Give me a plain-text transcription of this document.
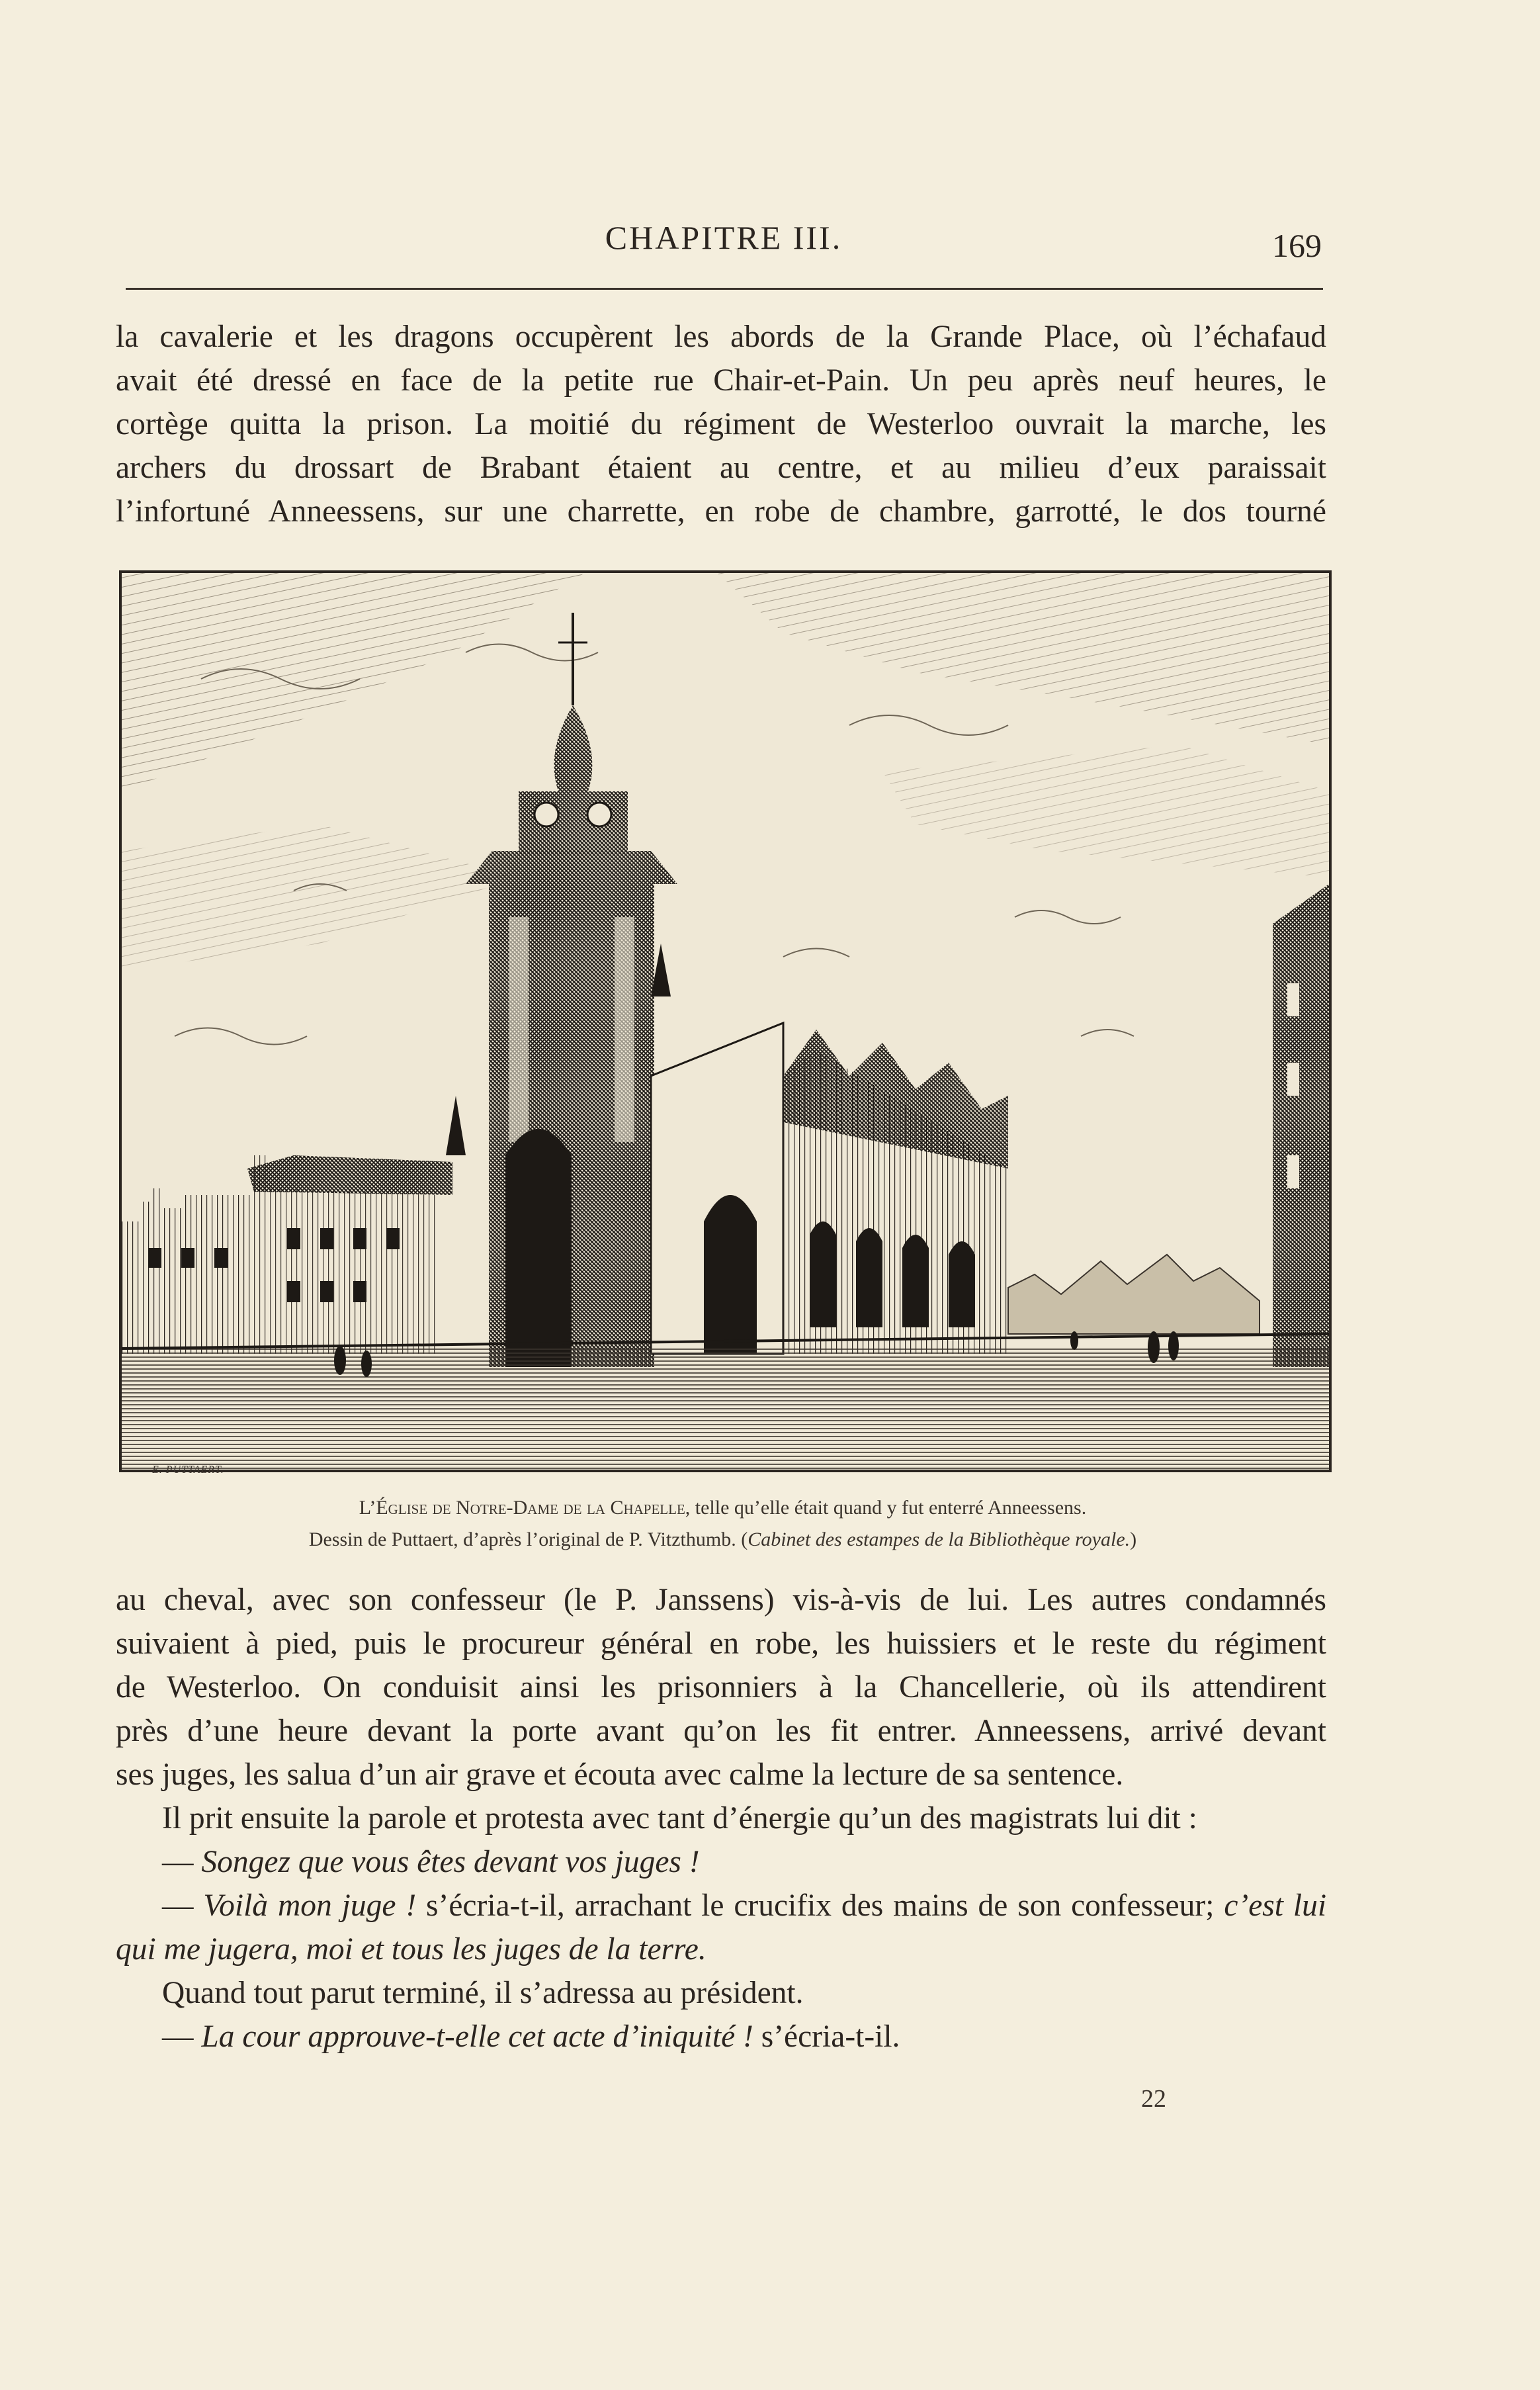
CHAPITRE III.	169

la cavalerie et les dragons occupèrent les abords de la Grande Place, où l’échafaud

avait été dressé en face de la petite rue Chair-et-Pain. Un peu après neuf heures, le

cortège quitta la prison. La moitié du régiment de Westerloo ouvrait la marche, les

archers du drossart de Brabant étaient au centre, et au milieu d’eux paraissait

l’infortuné Anneessens, sur une charrette, en robe de chambre, garrotté, le dos tourné

E. PUTTAERT.
L’Église de Notre-Dame de la Chapelle, telle qu’elle était quand y fut enterré Anneessens.
Dessin de Puttaert, d’après l’original de P. Vitzthumb. (Cabinet des estampes de la Bibliothèque royale.)

au cheval, avec son confesseur (le P. Janssens) vis-à-vis de lui. Les autres condamnés

suivaient à pied, puis le procureur général en robe, les huissiers et le reste du régiment

de Westerloo. On conduisit ainsi les prisonniers à la Chancellerie, où ils attendirent

près d’une heure devant la porte avant qu’on les fit entrer. Anneessens, arrivé devant

ses juges, les salua d’un air grave et écouta avec calme la lecture de sa sentence.

Il prit ensuite la parole et protesta avec tant d’énergie qu’un des magistrats lui dit :

— Songez que vous êtes devant vos juges !

— Voilà mon juge ! s’écria-t-il, arrachant le crucifix des mains de son confesseur; c’est lui qui me jugera, moi et tous les juges de la terre.

Quand tout parut terminé, il s’adressa au président.

— La cour approuve-t-elle cet acte d’iniquité ! s’écria-t-il.

22
